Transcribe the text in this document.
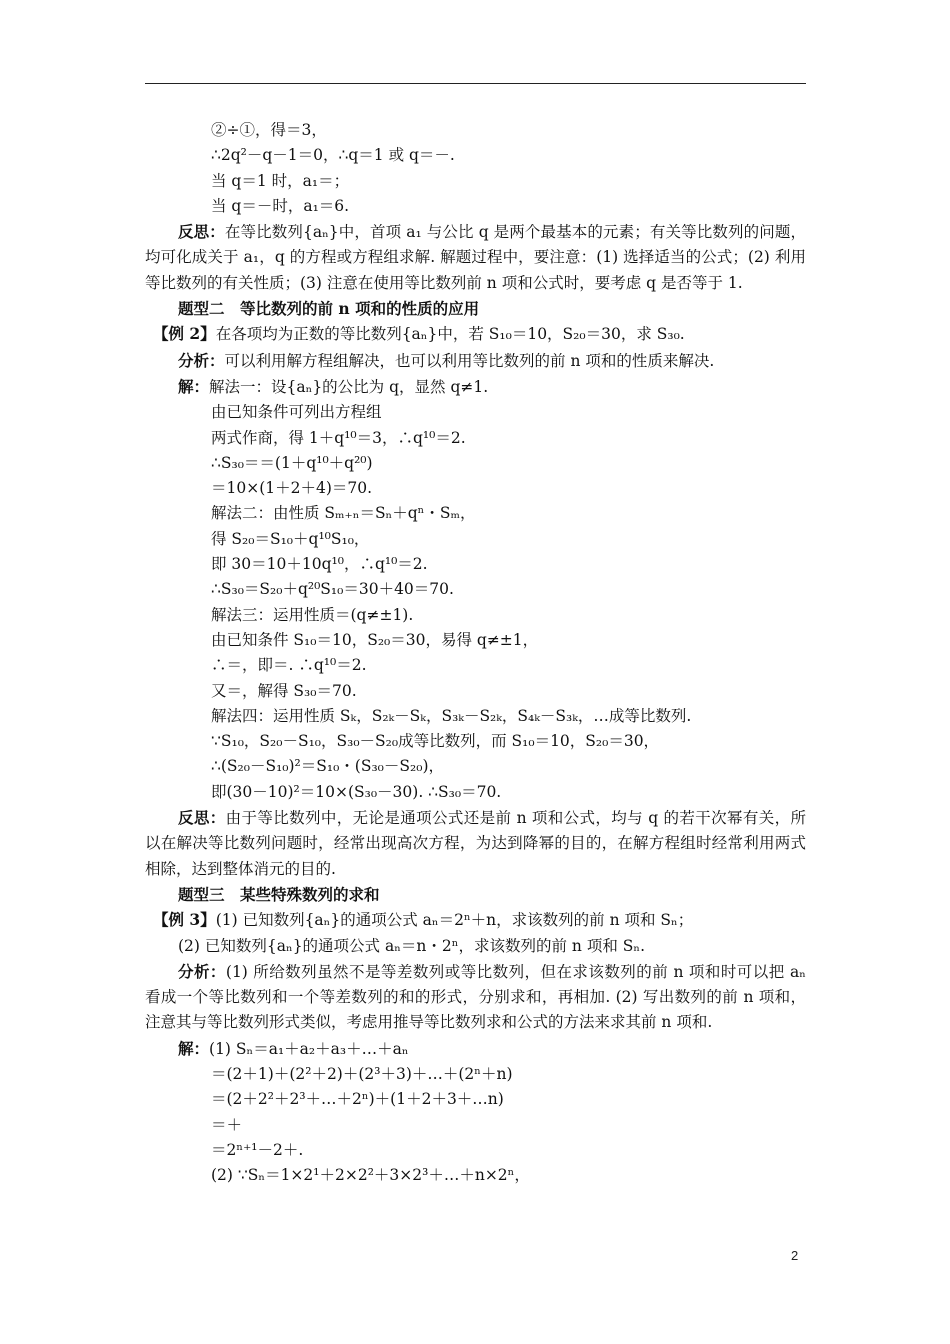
②÷①，得＝3，
∴2q²－q－1＝0，∴q＝1 或 q＝－.
当 q＝1 时，a₁＝；
当 q＝－时，a₁＝6.
反思：在等比数列{aₙ}中，首项 a₁ 与公比 q 是两个最基本的元素；有关等比数列的问题，均可化成关于 a₁，q 的方程或方程组求解. 解题过程中，要注意：(1) 选择适当的公式；(2) 利用等比数列的有关性质；(3) 注意在使用等比数列前 n 项和公式时，要考虑 q 是否等于 1.
题型二　等比数列的前 n 项和的性质的应用
【例 2】在各项均为正数的等比数列{aₙ}中，若 S₁₀＝10，S₂₀＝30，求 S₃₀.
分析：可以利用解方程组解决，也可以利用等比数列的前 n 项和的性质来解决.
解：解法一：设{aₙ}的公比为 q，显然 q≠1.
由已知条件可列出方程组
两式作商，得 1＋q¹⁰＝3，∴q¹⁰＝2.
∴S₃₀＝＝(1＋q¹⁰＋q²⁰)
＝10×(1＋2＋4)＝70.
解法二：由性质 Sₘ₊ₙ＝Sₙ＋qⁿ・Sₘ，
得 S₂₀＝S₁₀＋q¹⁰S₁₀，
即 30＝10＋10q¹⁰，∴q¹⁰＝2.
∴S₃₀＝S₂₀＋q²⁰S₁₀＝30＋40＝70.
解法三：运用性质＝(q≠±1).
由已知条件 S₁₀＝10，S₂₀＝30，易得 q≠±1，
∴＝，即＝. ∴q¹⁰＝2.
又＝，解得 S₃₀＝70.
解法四：运用性质 Sₖ，S₂ₖ－Sₖ，S₃ₖ－S₂ₖ，S₄ₖ－S₃ₖ，…成等比数列.
∵S₁₀，S₂₀－S₁₀，S₃₀－S₂₀成等比数列，而 S₁₀＝10，S₂₀＝30，
∴(S₂₀－S₁₀)²＝S₁₀・(S₃₀－S₂₀)，
即(30－10)²＝10×(S₃₀－30). ∴S₃₀＝70.
反思：由于等比数列中，无论是通项公式还是前 n 项和公式，均与 q 的若干次幂有关，所以在解决等比数列问题时，经常出现高次方程，为达到降幂的目的，在解方程组时经常利用两式相除，达到整体消元的目的.
题型三　某些特殊数列的求和
【例 3】(1) 已知数列{aₙ}的通项公式 aₙ＝2ⁿ＋n，求该数列的前 n 项和 Sₙ；
(2) 已知数列{aₙ}的通项公式 aₙ＝n・2ⁿ，求该数列的前 n 项和 Sₙ.
分析：(1) 所给数列虽然不是等差数列或等比数列，但在求该数列的前 n 项和时可以把 aₙ 看成一个等比数列和一个等差数列的和的形式，分别求和，再相加. (2) 写出数列的前 n 项和，注意其与等比数列形式类似，考虑用推导等比数列求和公式的方法来求其前 n 项和.
解：(1) Sₙ＝a₁＋a₂＋a₃＋…＋aₙ
＝(2＋1)＋(2²＋2)＋(2³＋3)＋…＋(2ⁿ＋n)
＝(2＋2²＋2³＋…＋2ⁿ)＋(1＋2＋3＋…n)
＝＋
＝2ⁿ⁺¹－2＋.
(2) ∵Sₙ＝1×2¹＋2×2²＋3×2³＋…＋n×2ⁿ，
2
